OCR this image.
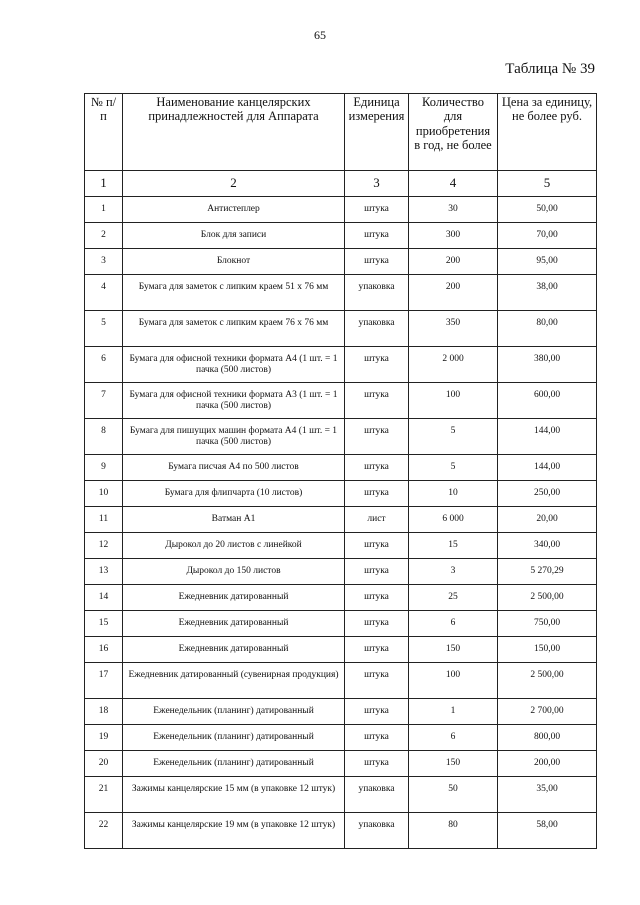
65
Таблица № 39
№ п/п	Наименование канцелярских принадлежностей для Аппарата	Единица измерения	Количество для приобретения в год, не более	Цена за единицу, не более руб.
1	2	3	4	5
1	Антистеплер	штука	30	50,00
2	Блок для записи	штука	300	70,00
3	Блокнот	штука	200	95,00
4	Бумага для заметок с липким краем 51 х 76 мм	упаковка	200	38,00
5	Бумага для заметок с липким краем 76 х 76 мм	упаковка	350	80,00
6	Бумага для офисной техники формата А4 (1 шт. = 1 пачка (500 листов)	штука	2 000	380,00
7	Бумага для офисной техники формата А3 (1 шт. = 1 пачка (500 листов)	штука	100	600,00
8	Бумага для пишущих машин формата А4 (1 шт. = 1 пачка (500 листов)	штука	5	144,00
9	Бумага писчая А4 по 500 листов	штука	5	144,00
10	Бумага для флипчарта (10 листов)	штука	10	250,00
11	Ватман А1	лист	6 000	20,00
12	Дырокол до 20 листов с линейкой	штука	15	340,00
13	Дырокол до 150 листов	штука	3	5 270,29
14	Ежедневник датированный	штука	25	2 500,00
15	Ежедневник датированный	штука	6	750,00
16	Ежедневник датированный	штука	150	150,00
17	Ежедневник датированный (сувенирная продукция)	штука	100	2 500,00
18	Еженедельник (планинг) датированный	штука	1	2 700,00
19	Еженедельник (планинг) датированный	штука	6	800,00
20	Еженедельник (планинг) датированный	штука	150	200,00
21	Зажимы канцелярские 15 мм (в упаковке 12 штук)	упаковка	50	35,00
22	Зажимы канцелярские 19 мм (в упаковке 12 штук)	упаковка	80	58,00
